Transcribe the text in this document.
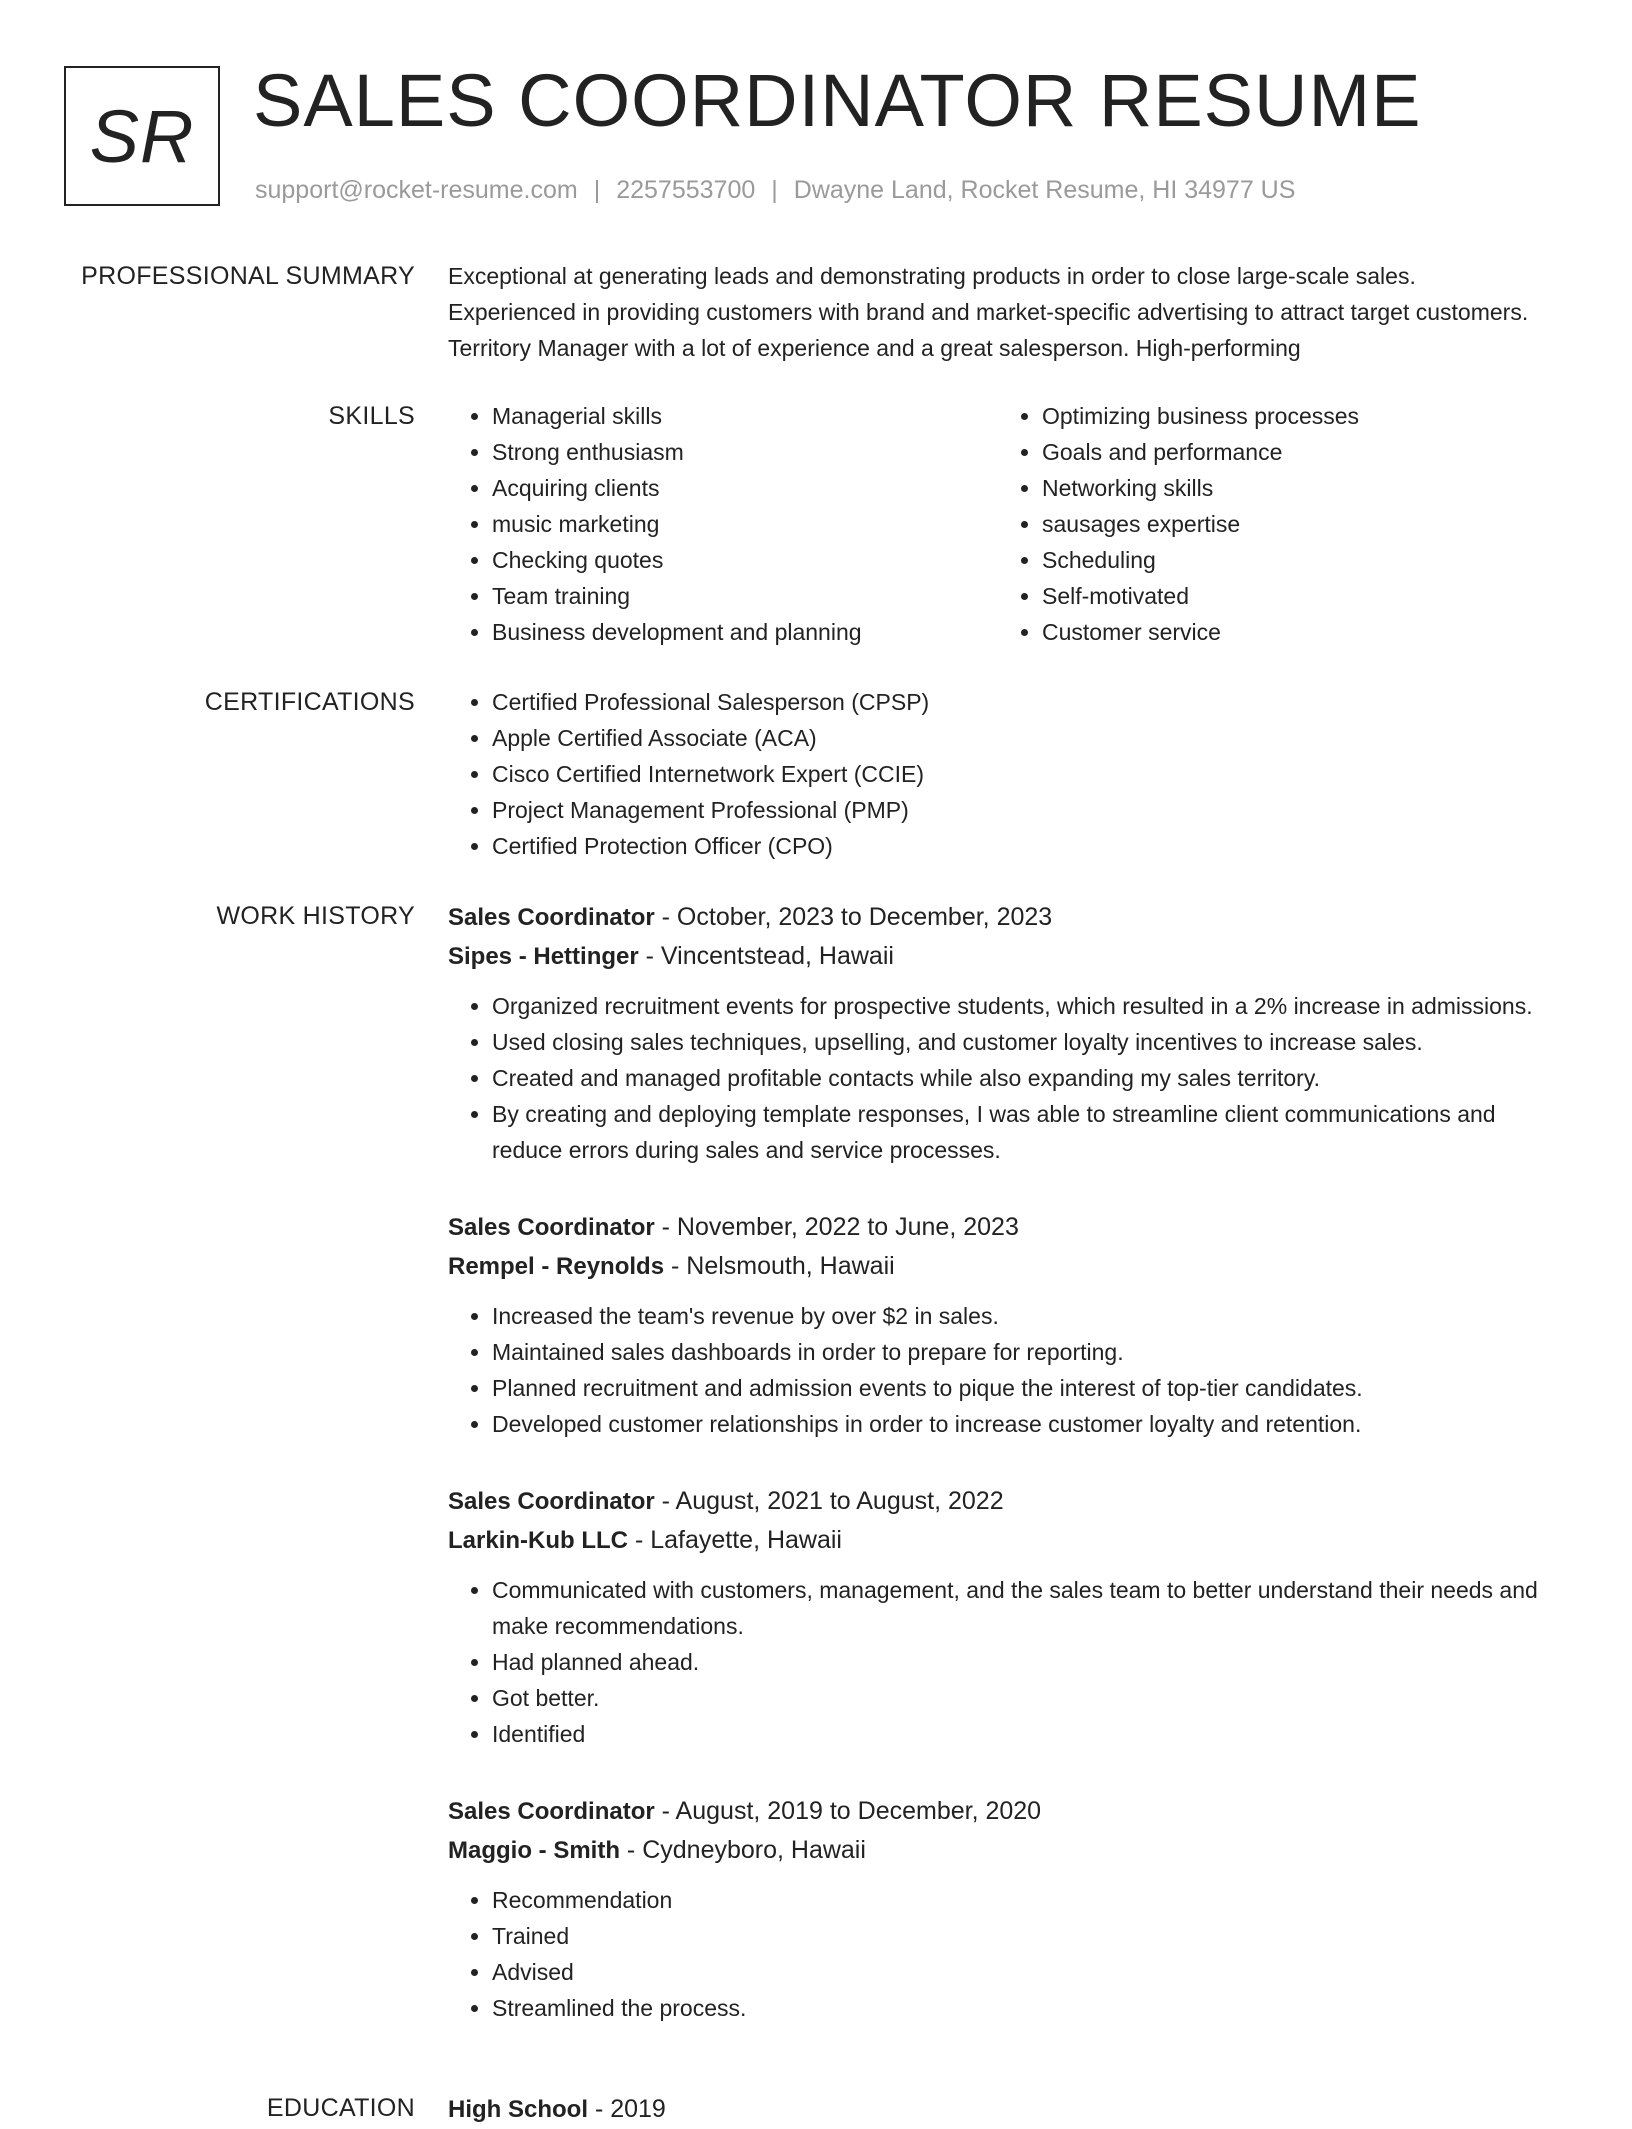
SR SALES COORDINATOR RESUME
support@rocket-resume.com | 2257553700 | Dwayne Land, Rocket Resume, HI 34977 US
PROFESSIONAL SUMMARY Exceptional at generating leads and demonstrating products in order to close large-scale sales. Experienced in providing customers with brand and market-specific advertising to attract target customers. Territory Manager with a lot of experience and a great salesperson. High-performing

SKILLS	• Managerial skills
• Strong enthusiasm
• Acquiring clients
• music marketing
• Checking quotes
• Team training
• Business development and planning
• Optimizing business processes
• Goals and performance
• Networking skills
• sausages expertise
• Scheduling
• Self-motivated
• Customer service
CERTIFICATIONS	• Certified Professional Salesperson (CPSP)
• Apple Certified Associate (ACA)
• Cisco Certified Internetwork Expert (CCIE)
• Project Management Professional (PMP)
• Certified Protection Officer (CPO)
WORK HISTORY Sales Coordinator - October, 2023 to December, 2023
Sipes - Hettinger - Vincentstead, Hawaii
• Organized recruitment events for prospective students, which resulted in a 2% increase in admissions.
• Used closing sales techniques, upselling, and customer loyalty incentives to increase sales.
• Created and managed profitable contacts while also expanding my sales territory.
• By creating and deploying template responses, I was able to streamline client communications and reduce errors during sales and service processes.
Sales Coordinator - November, 2022 to June, 2023
Rempel - Reynolds - Nelsmouth, Hawaii
• Increased the team's revenue by over $2 in sales.
• Maintained sales dashboards in order to prepare for reporting.
• Planned recruitment and admission events to pique the interest of top-tier candidates.
• Developed customer relationships in order to increase customer loyalty and retention.
Sales Coordinator - August, 2021 to August, 2022
Larkin-Kub LLC - Lafayette, Hawaii
• Communicated with customers, management, and the sales team to better understand their needs and make recommendations.
• Had planned ahead.
• Got better.
• Identified
Sales Coordinator - August, 2019 to December, 2020
Maggio - Smith - Cydneyboro, Hawaii
• Recommendation
• Trained
• Advised
• Streamlined the process.
EDUCATION High School - 2019
